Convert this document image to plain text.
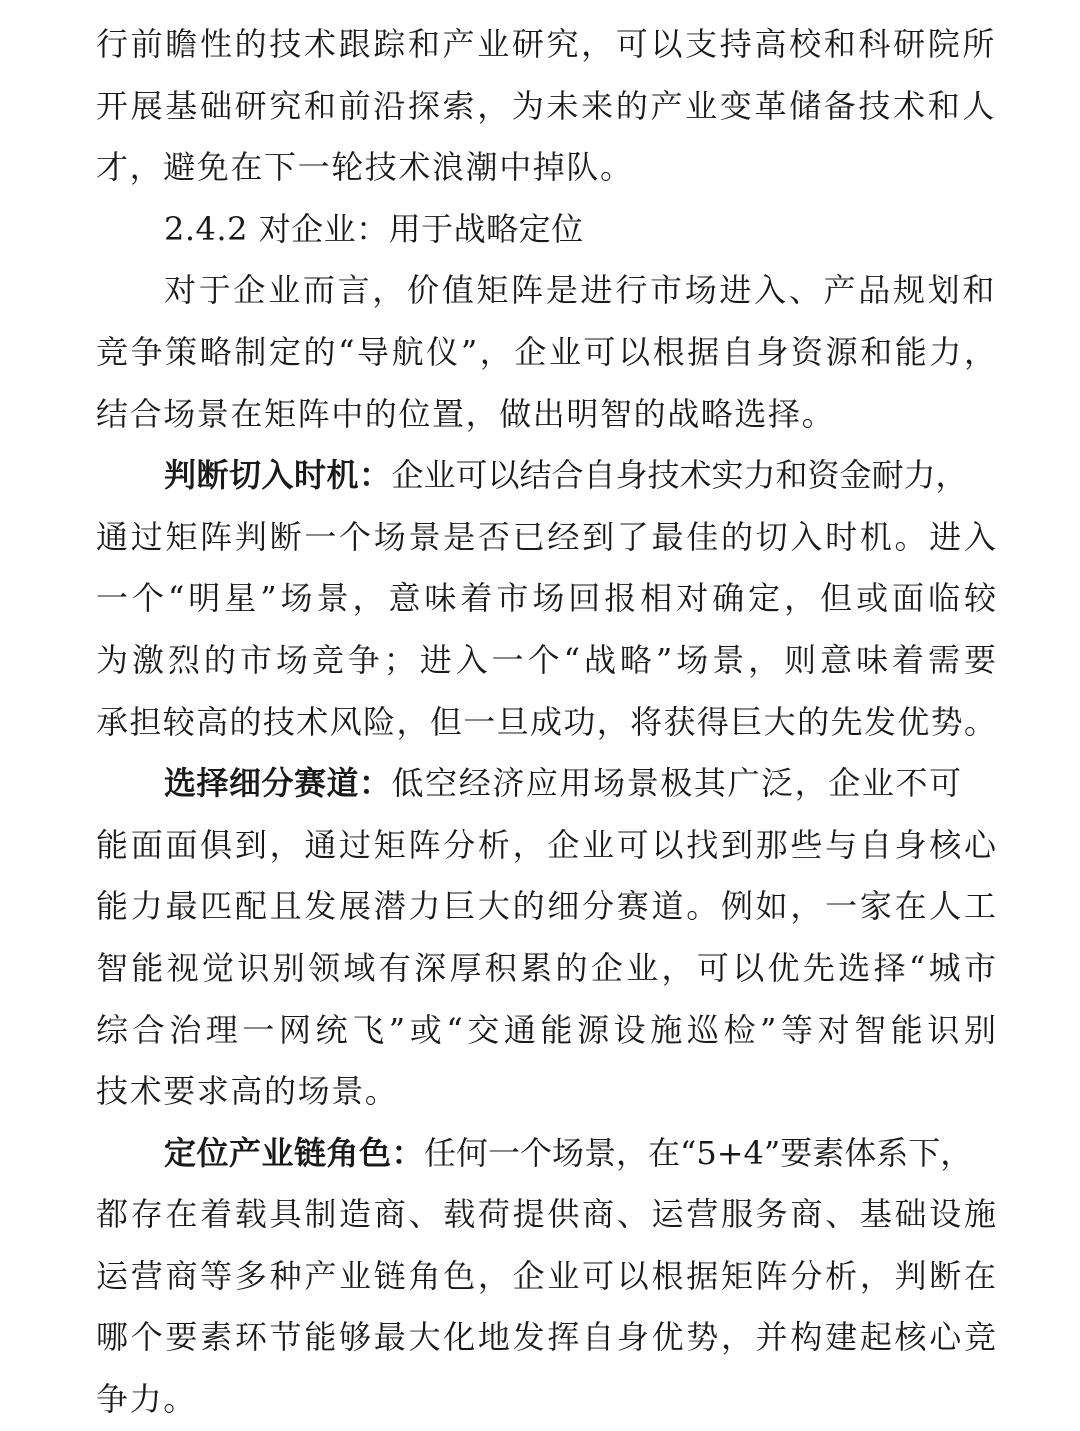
行前瞻性的技术跟踪和产业研究，可以支持高校和科研院所
开展基础研究和前沿探索，为未来的产业变革储备技术和人
才，避免在下一轮技术浪潮中掉队。
2.4.2 对企业：用于战略定位
对于企业而言，价值矩阵是进行市场进入、产品规划和
竞争策略制定的“导航仪”，企业可以根据自身资源和能力，
结合场景在矩阵中的位置，做出明智的战略选择。
判断切入时机：企业可以结合自身技术实力和资金耐力，
通过矩阵判断一个场景是否已经到了最佳的切入时机。进入
一个“明星”场景，意味着市场回报相对确定，但或面临较
为激烈的市场竞争；进入一个“战略”场景，则意味着需要
承担较高的技术风险，但一旦成功，将获得巨大的先发优势。
选择细分赛道：低空经济应用场景极其广泛，企业不可
能面面俱到，通过矩阵分析，企业可以找到那些与自身核心
能力最匹配且发展潜力巨大的细分赛道。例如，一家在人工
智能视觉识别领域有深厚积累的企业，可以优先选择“城市
综合治理一网统飞”或“交通能源设施巡检”等对智能识别
技术要求高的场景。
定位产业链角色：任何一个场景，在“5+4”要素体系下，
都存在着载具制造商、载荷提供商、运营服务商、基础设施
运营商等多种产业链角色，企业可以根据矩阵分析，判断在
哪个要素环节能够最大化地发挥自身优势，并构建起核心竞
争力。
